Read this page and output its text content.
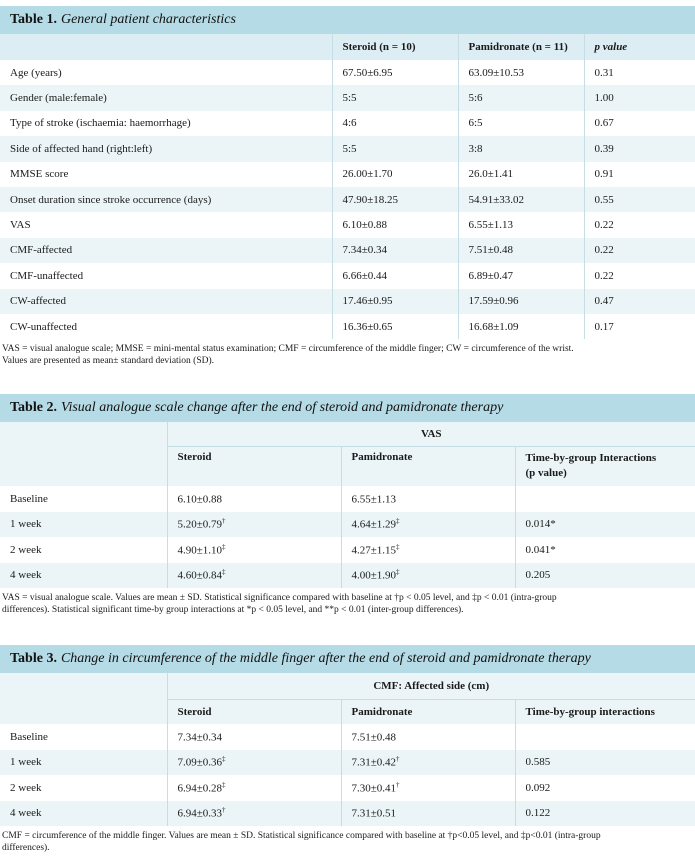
Table 1. General patient characteristics
	Steroid (n = 10)	Pamidronate (n = 11)	p value
Age (years)	67.50±6.95	63.09±10.53	0.31
Gender (male:female)	5:5	5:6	1.00
Type of stroke (ischaemia: haemorrhage)	4:6	6:5	0.67
Side of affected hand (right:left)	5:5	3:8	0.39
MMSE score	26.00±1.70	26.0±1.41	0.91
Onset duration since stroke occurrence (days)	47.90±18.25	54.91±33.02	0.55
VAS	6.10±0.88	6.55±1.13	0.22
CMF-affected	7.34±0.34	7.51±0.48	0.22
CMF-unaffected	6.66±0.44	6.89±0.47	0.22
CW-affected	17.46±0.95	17.59±0.96	0.47
CW-unaffected	16.36±0.65	16.68±1.09	0.17
VAS = visual analogue scale; MMSE = mini-mental status examination; CMF = circumference of the middle finger; CW = circumference of the wrist.
Values are presented as mean± standard deviation (SD).
Table 2. Visual analogue scale change after the end of steroid and pamidronate therapy
	VAS		
	Steroid	Pamidronate	Time-by-group Interactions
(p value)

Baseline	6.10±0.88	6.55±1.13	
1 week	5.20±0.79†	4.64±1.29‡	0.014*
2 week	4.90±1.10‡	4.27±1.15‡	0.041*
4 week	4.60±0.84‡	4.00±1.90‡	0.205
VAS = visual analogue scale. Values are mean ± SD. Statistical significance compared with baseline at †p < 0.05 level, and ‡p < 0.01 (intra-group
differences). Statistical significant time-by group interactions at *p < 0.05 level, and **p < 0.01 (inter-group differences).
Table 3. Change in circumference of the middle finger after the end of steroid and pamidronate therapy
	CMF: Affected side (cm)		
	Steroid	Pamidronate	Time-by-group interactions
Baseline	7.34±0.34	7.51±0.48	
1 week	7.09±0.36‡	7.31±0.42†	0.585
2 week	6.94±0.28‡	7.30±0.41†	0.092
4 week	6.94±0.33†	7.31±0.51	0.122
CMF = circumference of the middle finger. Values are mean ± SD. Statistical significance compared with baseline at †p<0.05 level, and ‡p<0.01 (intra-group
differences).
